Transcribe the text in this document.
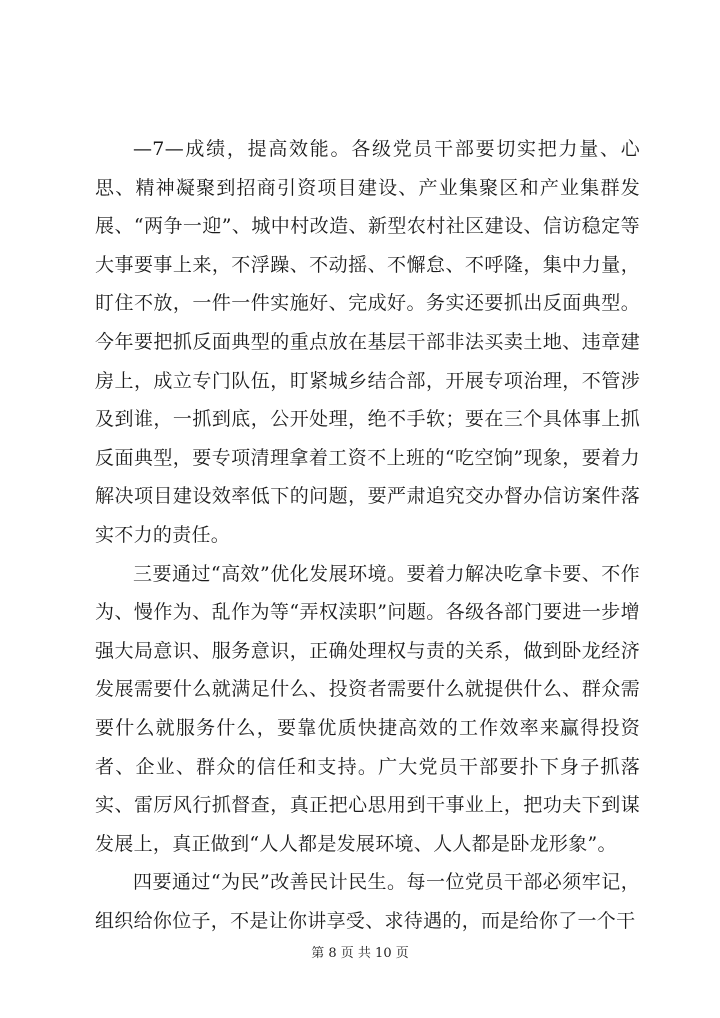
—7—成绩，提高效能。各级党员干部要切实把力量、心思、精神凝聚到招商引资项目建设、产业集聚区和产业集群发展、“两争一迎”、城中村改造、新型农村社区建设、信访稳定等大事要事上来，不浮躁、不动摇、不懈怠、不呼隆，集中力量，盯住不放，一件一件实施好、完成好。务实还要抓出反面典型。今年要把抓反面典型的重点放在基层干部非法买卖土地、违章建房上，成立专门队伍，盯紧城乡结合部，开展专项治理，不管涉及到谁，一抓到底，公开处理，绝不手软；要在三个具体事上抓反面典型，要专项清理拿着工资不上班的“吃空饷”现象，要着力解决项目建设效率低下的问题，要严肃追究交办督办信访案件落实不力的责任。

三要通过“高效”优化发展环境。要着力解决吃拿卡要、不作为、慢作为、乱作为等“弄权渎职”问题。各级各部门要进一步增强大局意识、服务意识，正确处理权与责的关系，做到卧龙经济发展需要什么就满足什么、投资者需要什么就提供什么、群众需要什么就服务什么，要靠优质快捷高效的工作效率来赢得投资者、企业、群众的信任和支持。广大党员干部要扑下身子抓落实、雷厉风行抓督查，真正把心思用到干事业上，把功夫下到谋发展上，真正做到“人人都是发展环境、人人都是卧龙形象”。

四要通过“为民”改善民计民生。每一位党员干部必须牢记，组织给你位子，不是让你讲享受、求待遇的，而是给你了一个干

第 8 页 共 10 页
